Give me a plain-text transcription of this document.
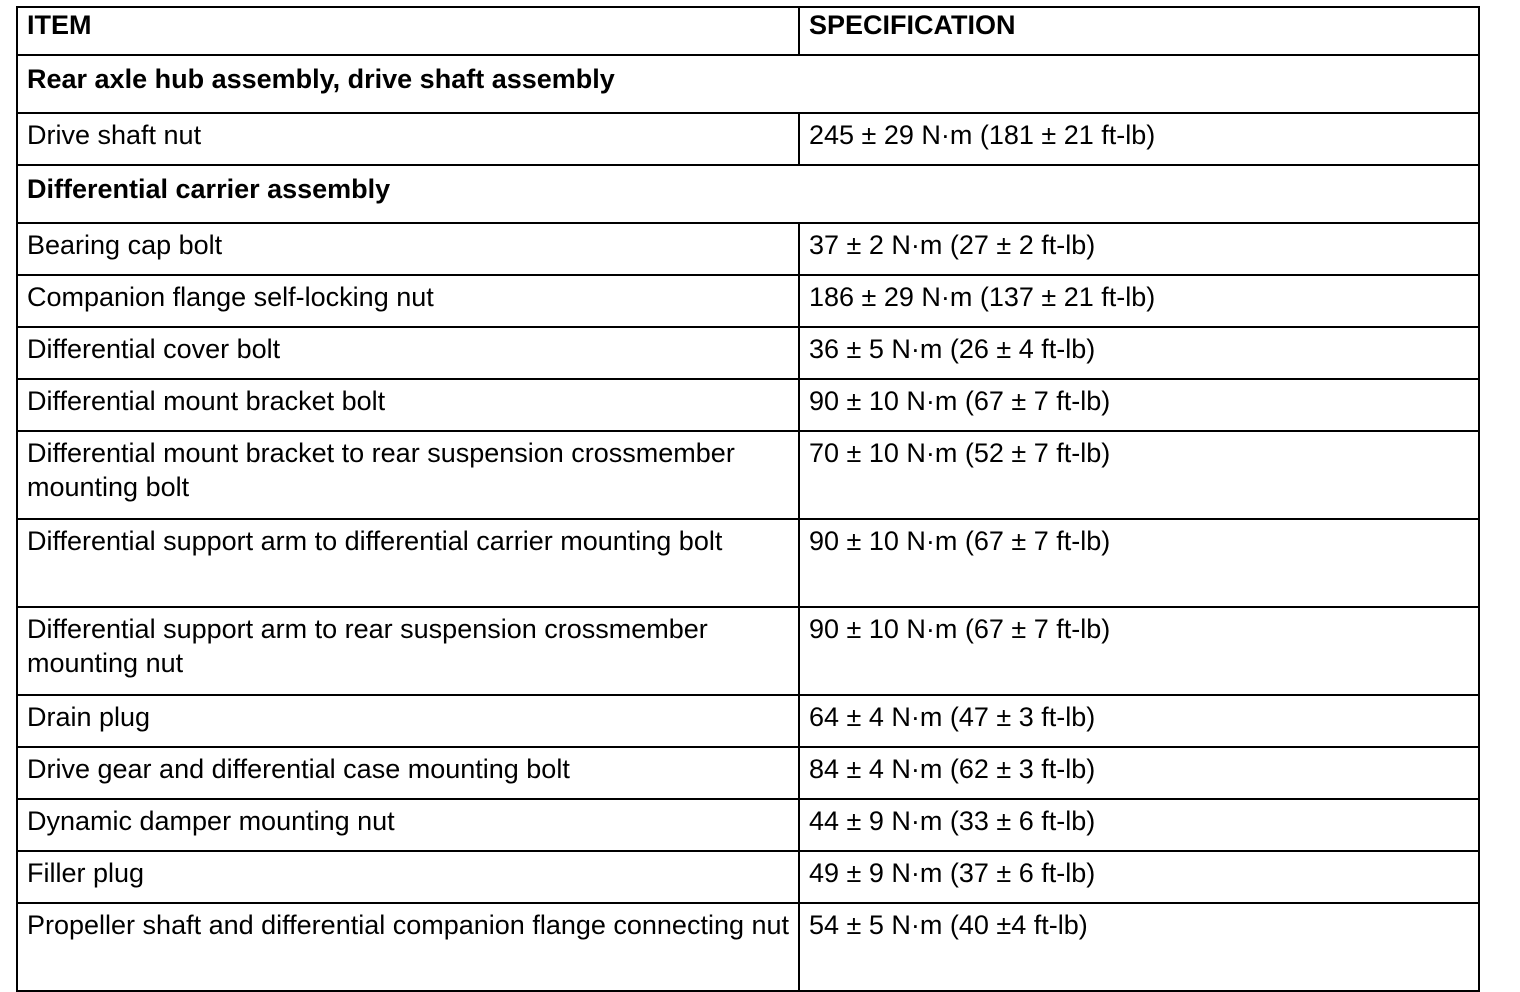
ITEM	SPECIFICATION
Rear axle hub assembly, drive shaft assembly	
Drive shaft nut	245 ± 29 N·m (181 ± 21 ft-lb)
Differential carrier assembly	
Bearing cap bolt	37 ± 2 N·m (27 ± 2 ft-lb)
Companion flange self-locking nut	186 ± 29 N·m (137 ± 21 ft-lb)
Differential cover bolt	36 ± 5 N·m (26 ± 4 ft-lb)
Differential mount bracket bolt	90 ± 10 N·m (67 ± 7 ft-lb)
Differential mount bracket to rear suspension crossmember mounting bolt	70 ± 10 N·m (52 ± 7 ft-lb)
Differential support arm to differential carrier mounting bolt	90 ± 10 N·m (67 ± 7 ft-lb)
Differential support arm to rear suspension crossmember mounting nut	90 ± 10 N·m (67 ± 7 ft-lb)
Drain plug	64 ± 4 N·m (47 ± 3 ft-lb)
Drive gear and differential case mounting bolt	84 ± 4 N·m (62 ± 3 ft-lb)
Dynamic damper mounting nut	44 ± 9 N·m (33 ± 6 ft-lb)
Filler plug	49 ± 9 N·m (37 ± 6 ft-lb)
Propeller shaft and differential companion flange connecting nut	54 ± 5 N·m (40 ±4 ft-lb)
